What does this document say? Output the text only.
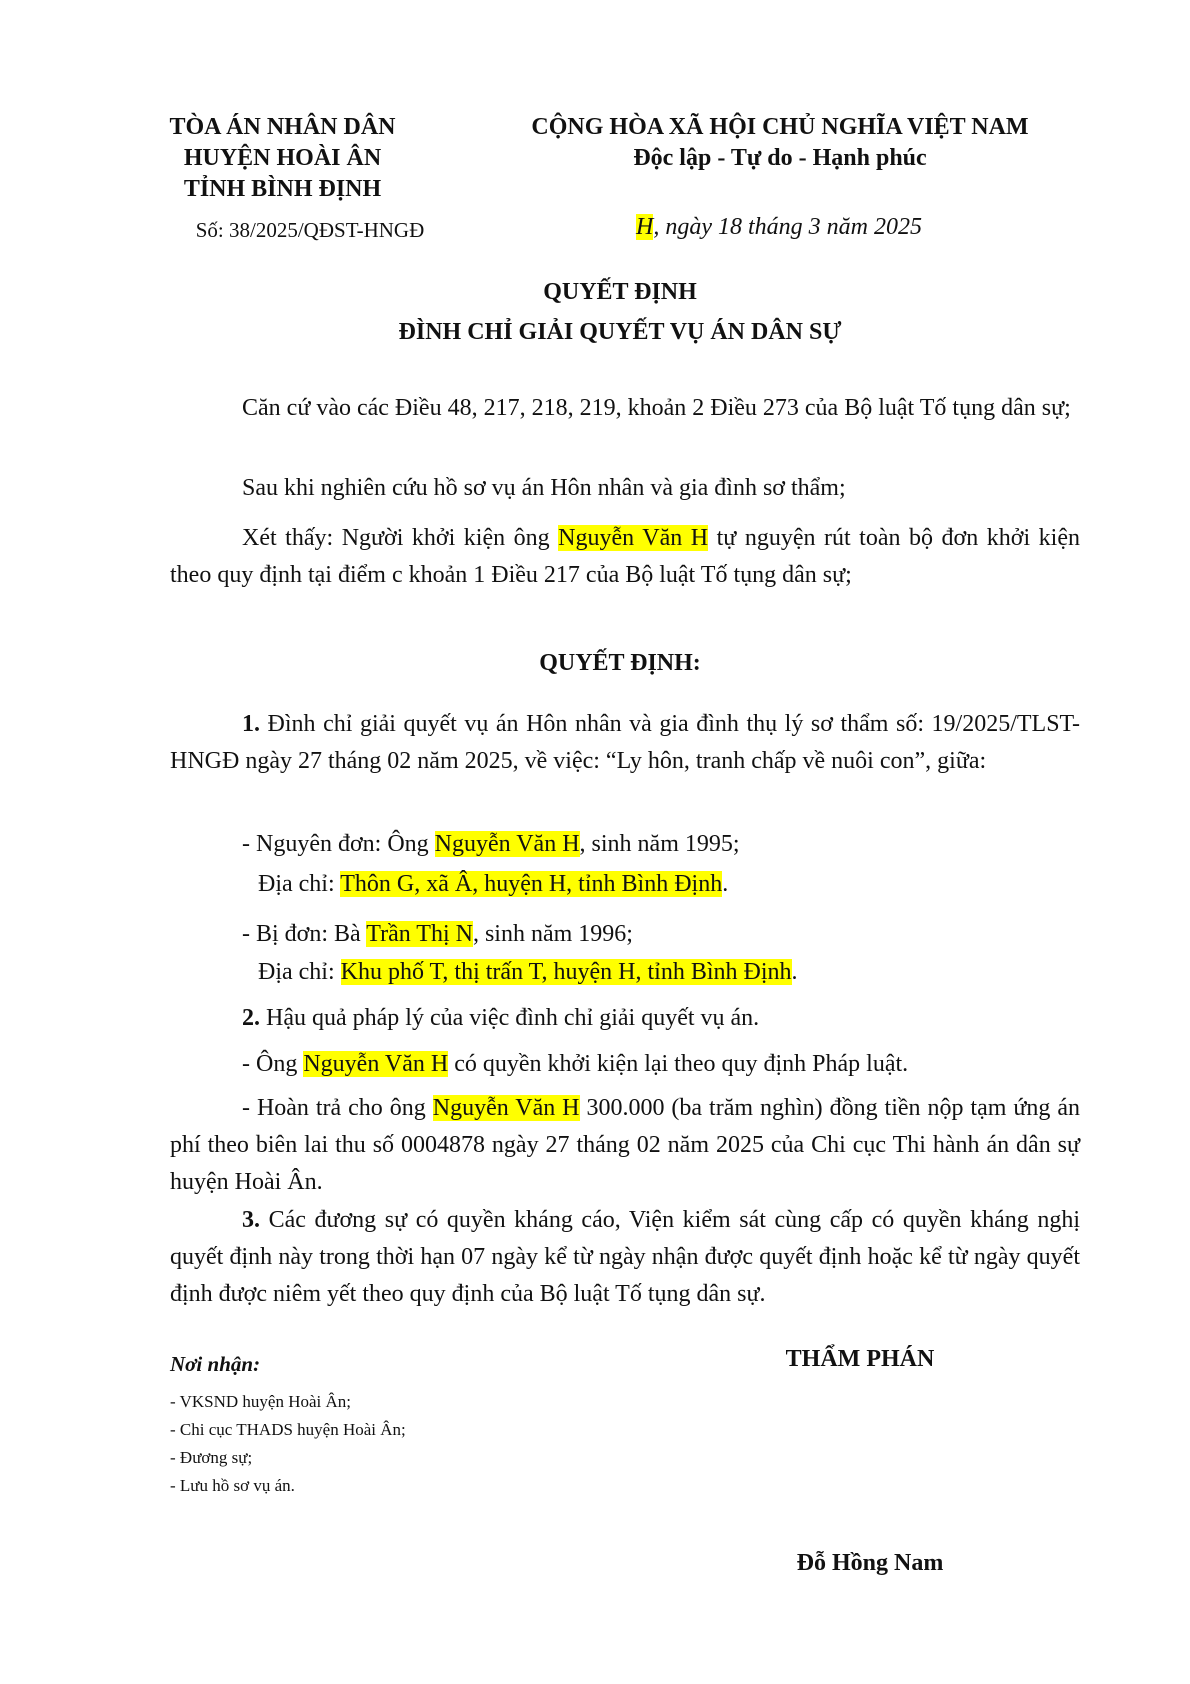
TÒA ÁN NHÂN DÂN
HUYỆN HOÀI ÂN
TỈNH BÌNH ĐỊNH
Số: 38/2025/QĐST-HNGĐ
CỘNG HÒA XÃ HỘI CHỦ NGHĨA VIỆT NAM
Độc lập - Tự do - Hạnh phúc
H, ngày 18 tháng 3 năm 2025
QUYẾT ĐỊNH
ĐÌNH CHỈ GIẢI QUYẾT VỤ ÁN DÂN SỰ
Căn cứ vào các Điều 48, 217, 218, 219, khoản 2 Điều 273 của Bộ luật Tố tụng dân sự;
Sau khi nghiên cứu hồ sơ vụ án Hôn nhân và gia đình sơ thẩm;
Xét thấy: Người khởi kiện ông Nguyễn Văn H tự nguyện rút toàn bộ đơn khởi kiện theo quy định tại điểm c khoản 1 Điều 217 của Bộ luật Tố tụng dân sự;
QUYẾT ĐỊNH:
1. Đình chỉ giải quyết vụ án Hôn nhân và gia đình thụ lý sơ thẩm số: 19/2025/TLST-HNGĐ ngày 27 tháng 02 năm 2025, về việc: “Ly hôn, tranh chấp về nuôi con”, giữa:
- Nguyên đơn: Ông Nguyễn Văn H, sinh năm 1995;
Địa chỉ: Thôn G, xã Â, huyện H, tỉnh Bình Định.
- Bị đơn: Bà Trần Thị N, sinh năm 1996;
Địa chỉ: Khu phố T, thị trấn T, huyện H, tỉnh Bình Định.
2. Hậu quả pháp lý của việc đình chỉ giải quyết vụ án.
- Ông Nguyễn Văn H có quyền khởi kiện lại theo quy định Pháp luật.
- Hoàn trả cho ông Nguyễn Văn H 300.000 (ba trăm nghìn) đồng tiền nộp tạm ứng án phí theo biên lai thu số 0004878 ngày 27 tháng 02 năm 2025 của Chi cục Thi hành án dân sự huyện Hoài Ân.
3. Các đương sự có quyền kháng cáo, Viện kiểm sát cùng cấp có quyền kháng nghị quyết định này trong thời hạn 07 ngày kể từ ngày nhận được quyết định hoặc kể từ ngày quyết định được niêm yết theo quy định của Bộ luật Tố tụng dân sự.
Nơi nhận:
- VKSND huyện Hoài Ân;
- Chi cục THADS huyện Hoài Ân;
- Đương sự;
- Lưu hồ sơ vụ án.
THẨM PHÁN
Đỗ Hồng Nam
